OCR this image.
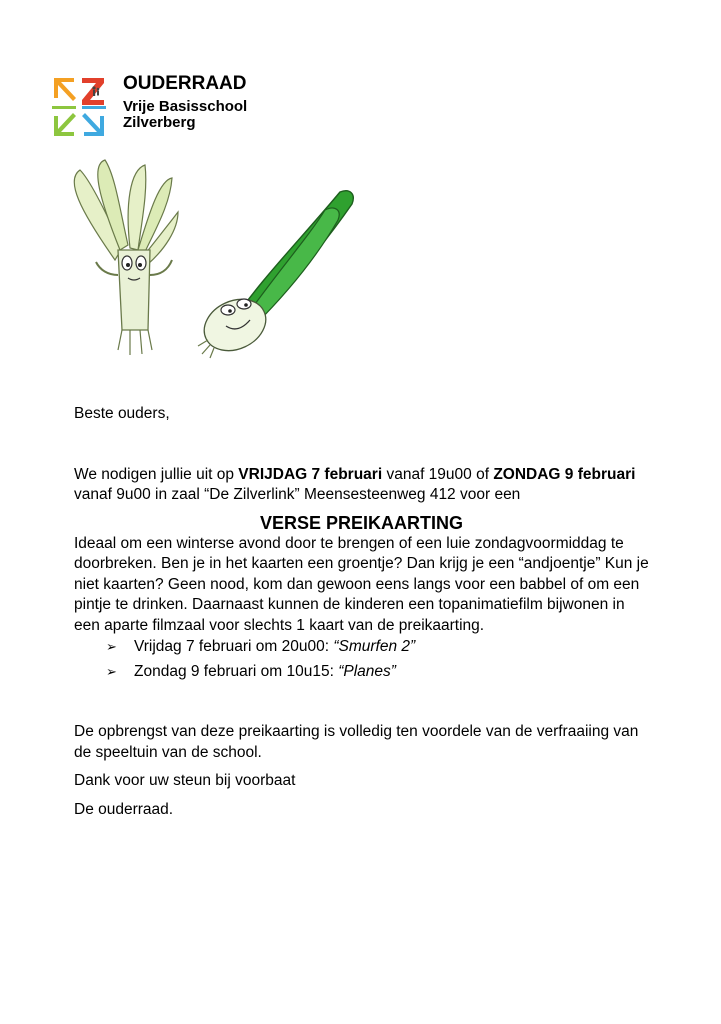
OUDERRAAD
Vrije Basisschool
Zilverberg

Beste ouders,

We nodigen jullie uit op VRIJDAG 7 februari vanaf 19u00 of ZONDAG 9 februari vanaf 9u00 in zaal “De Zilverlink” Meensesteenweg 412 voor een

VERSE PREIKAARTING

Ideaal om een winterse avond door te brengen of een luie zondagvoormiddag te doorbreken. Ben je in het kaarten een groentje? Dan krijg je een “andjoentje” Kun je niet kaarten? Geen nood, kom dan gewoon eens langs voor een babbel of om een pintje te drinken. Daarnaast kunnen de kinderen een topanimatiefilm bijwonen in een aparte filmzaal voor slechts 1 kaart van de preikaarting.

➢ Vrijdag 7 februari om 20u00: “Smurfen 2”
➢ Zondag 9 februari om 10u15: “Planes”

De opbrengst van deze preikaarting is volledig ten voordele van de verfraaiing van de speeltuin van de school.

Dank voor uw steun bij voorbaat

De ouderraad.
